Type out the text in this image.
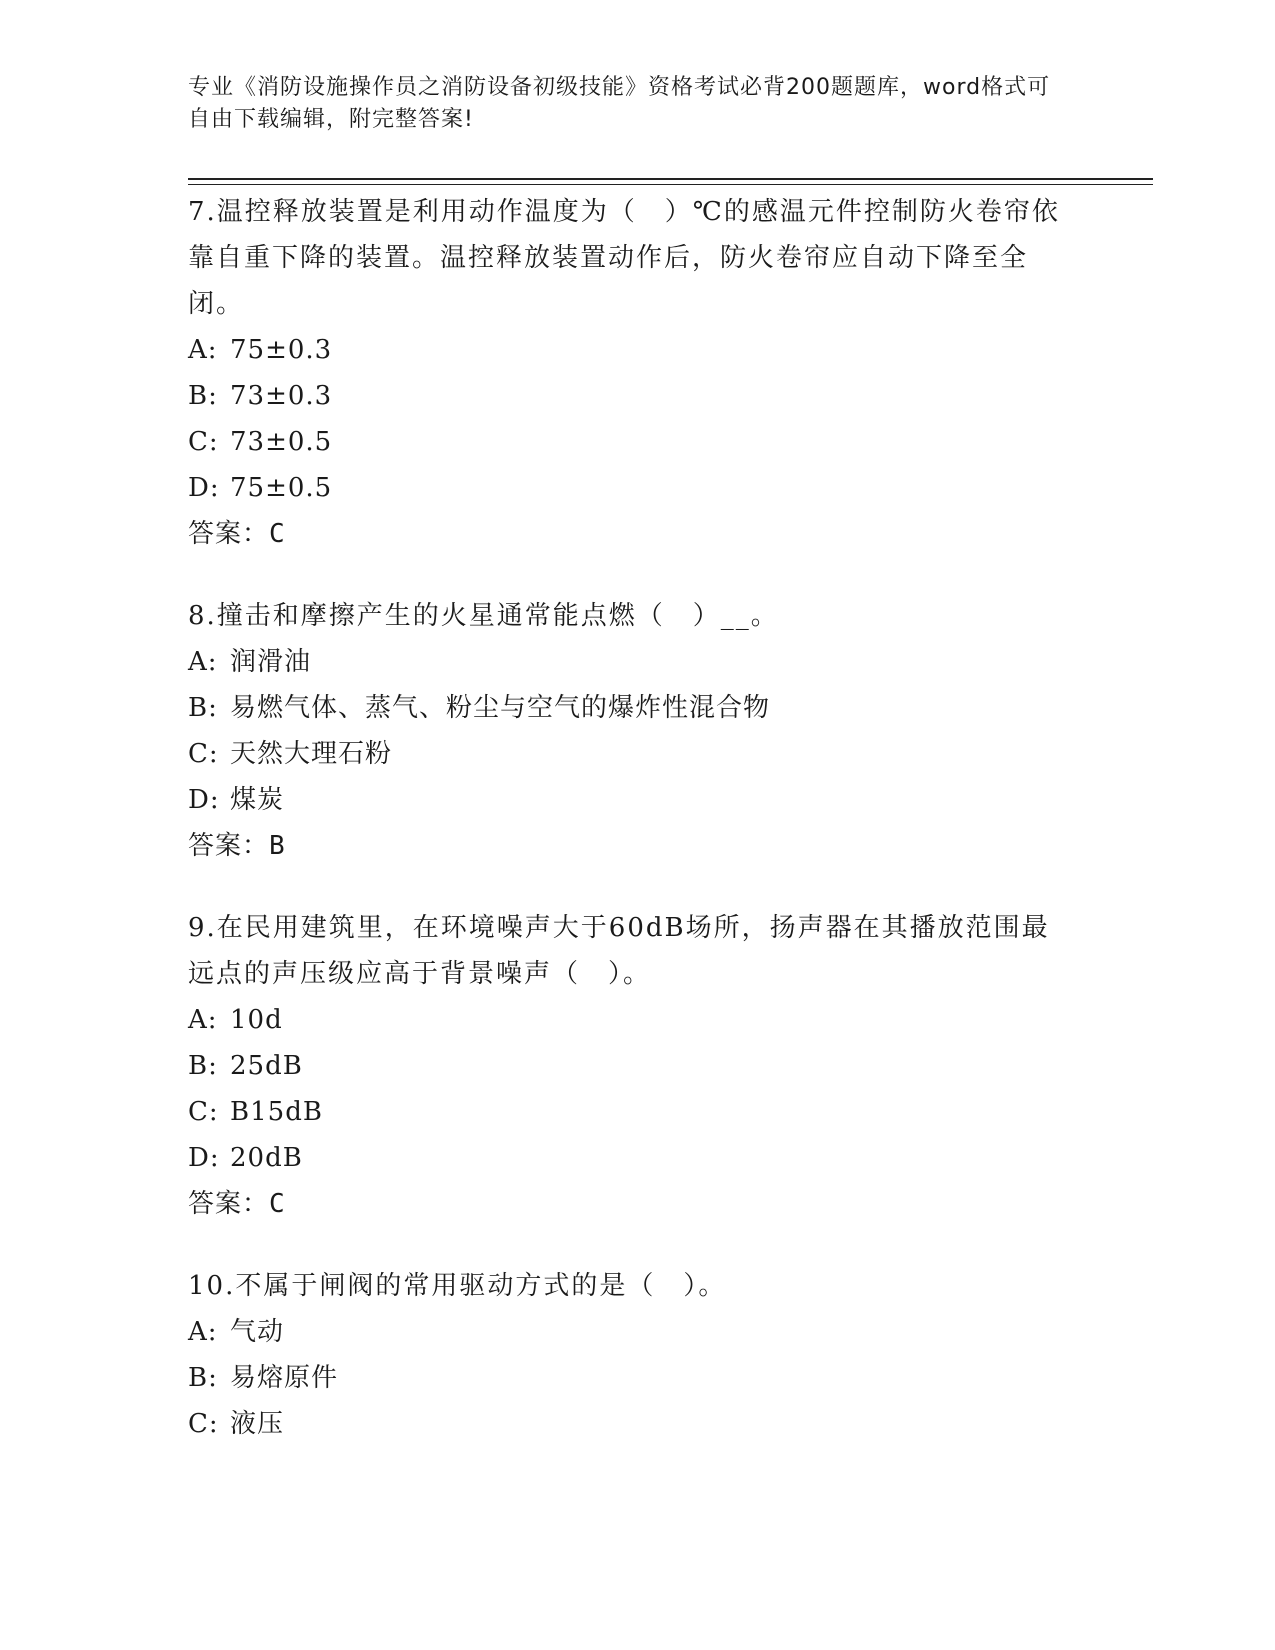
专业《消防设施操作员之消防设备初级技能》资格考试必背200题题库，word格式可自由下载编辑，附完整答案!

7.温控释放装置是利用动作温度为（　）℃的感温元件控制防火卷帘依靠自重下降的装置。温控释放装置动作后，防火卷帘应自动下降至全闭。

A: 75±0.3
B: 73±0.3
C: 73±0.5
D: 75±0.5

答案：C

8.撞击和摩擦产生的火星通常能点燃（　）__。

A: 润滑油
B: 易燃气体、蒸气、粉尘与空气的爆炸性混合物
C: 天然大理石粉
D: 煤炭

答案：B

9.在民用建筑里，在环境噪声大于60dB场所，扬声器在其播放范围最远点的声压级应高于背景噪声（　）。

A: 10d
B: 25dB
C: B15dB
D: 20dB

答案：C

10.不属于闸阀的常用驱动方式的是（　）。

A: 气动
B: 易熔原件
C: 液压
